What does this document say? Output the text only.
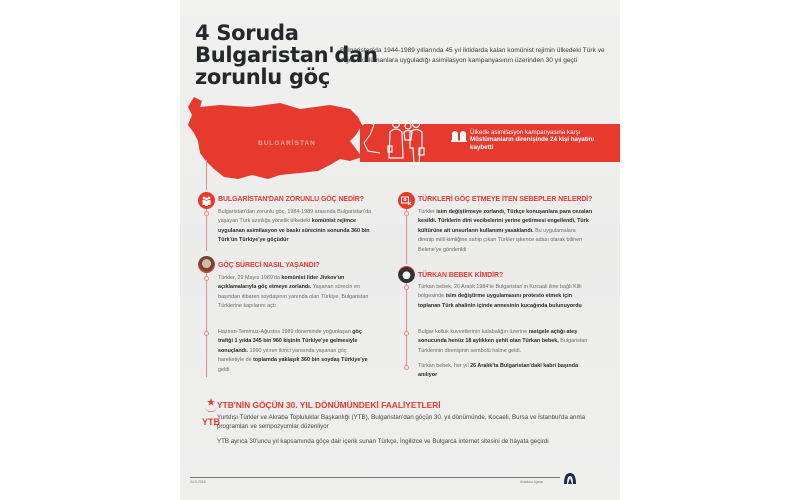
4 Soruda Bulgaristan'dan
zorunlu göç
Bulgaristan'da 1944-1989 yıllarında 45 yıl iktidarda kalan komünist rejimin ülkedeki Türk ve diğer Müslümanlara uyguladığı asimilasyon kampanyasının üzerinden 30 yıl geçti
BULGARİSTAN
Ülkede asimilasyon kampanyasına karşı Müslümanların direnişinde 24 kişi hayatını kaybetti
BULGARİSTAN'DAN ZORUNLU GÖÇ NEDİR?
Bulgaristan'dan zorunlu göç, 1984-1989 arasında Bulgaristan'da yaşayan Türk azınlığa yönelik ülkedeki komünist rejimce uygulanan asimilasyon ve baskı sürecinin sonunda 360 bin Türk'ün Türkiye'ye göçüdür
GÖÇ SÜRECİ NASIL YAŞANDI?
Türkler, 29 Mayıs 1989'da komünist lider Jivkov'un açıklamalarıyla göç etmeye zorlandı. Yaşanan sürecin en başından itibaren soydaşının yanında olan Türkiye, Bulgaristan Türklerine kapılarını açtı
Haziran-Temmuz-Ağustos 1989 döneminde yoğunlaşan göç trafiği 1 yılda 345 bin 960 kişinin Türkiye'ye gelmesiyle sonuçlandı. 1990 yılının ikinci yarısında yaşanan göç hareketiyle de toplamda yaklaşık 360 bin soydaş Türkiye'ye geldi
TÜRKLERİ GÖÇ ETMEYE İTEN SEBEPLER NELERDİ?
Türkler isim değiştirmeye zorlandı, Türkçe konuşanlara para cezaları kesildi. Türklerin dini vecibelerini yerine getirmesi engellendi, Türk kültürüne ait unsurların kullanımı yasaklandı. Bu uygulamalara direnip milli kimliğine sahip çıkan Türkler işkence adası olarak bilinen Belene'ye gönderildi
TÜRKAN BEBEK KİMDİR?
Türkan bebek, 26 Aralık 1984'te Bulgaristan'ın Kırcaali iline bağlı Killi bölgesinde isim değiştirme uygulamasını protesto etmek için toplanan Türk ahalinin içinde annesinin kucağında bulunuyordu
Bulgar kolluk kuvvetlerinin kalabalığın üzerine rastgele açtığı ateş sonucunda henüz 18 aylıkken şehit olan Türkan bebek, Bulgaristan Türklerinin direnişinin sembolü haline geldi.
Türkan bebek, her yıl 26 Aralık'ta Bulgaristan'daki kabri başında anılıyor
YTB
YTB'NİN GÖÇÜN 30. YIL DÖNÜMÜNDEKİ FAALİYETLERİ

Yurtdışı Türkler ve Akraba Topluluklar Başkanlığı (YTB), Bulgaristan'dan göçün 30. yıl dönümünde, Kocaeli, Bursa ve İstanbul'da anma programları ve sempozyumlar düzenliyor

YTB ayrıca 30'uncu yıl kapsamında göçe dair içerik sunan Türkçe, İngilizce ve Bulgarca internet sitesini de hayata geçirdi

24.5.2019	Anadolu Ajansı
